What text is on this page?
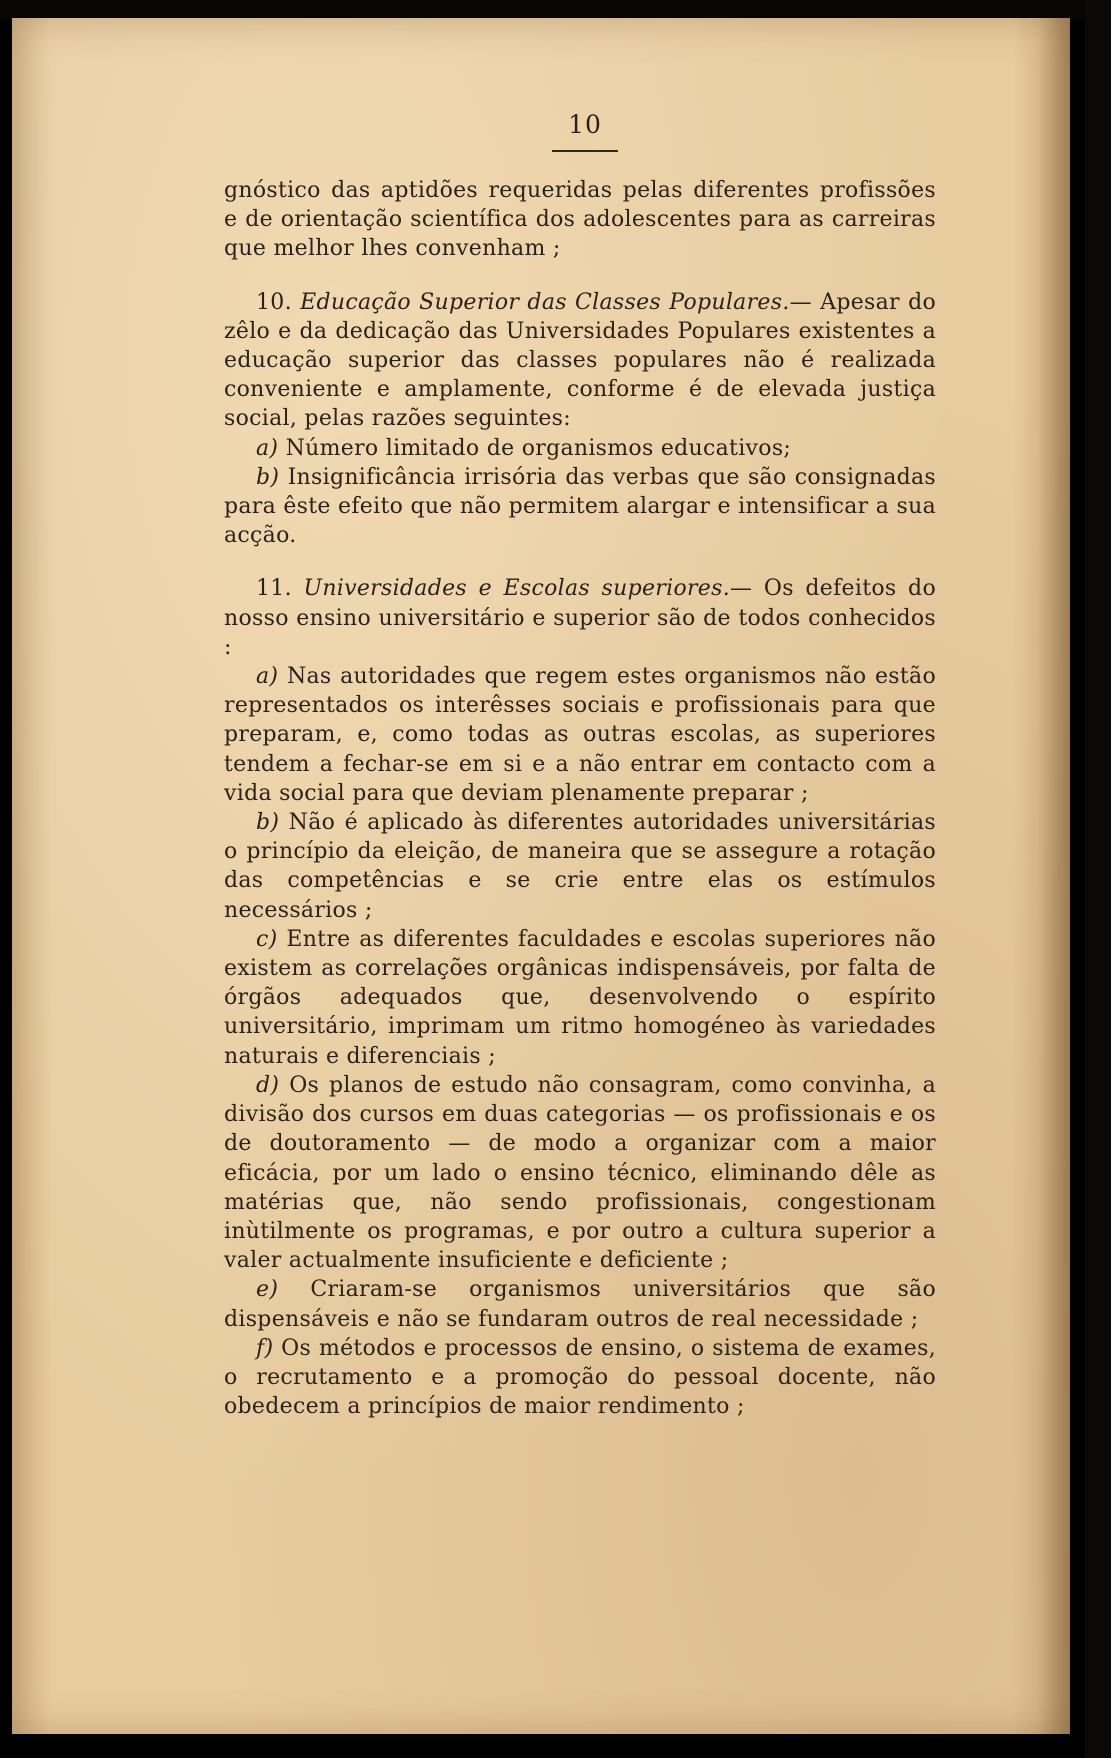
10

gnóstico das aptidões requeridas pelas diferentes profissões e de orientação scientífica dos adolescentes para as carreiras que melhor lhes convenham ;

10. Educação Superior das Classes Populares.— Apesar do zêlo e da dedicação das Universidades Populares existentes a educação superior das classes populares não é realizada conveniente e amplamente, conforme é de elevada justiça social, pelas razões seguintes:

a) Número limitado de organismos educativos;

b) Insignificância irrisória das verbas que são consignadas para êste efeito que não permitem alargar e intensificar a sua acção.

11. Universidades e Escolas superiores.— Os defeitos do nosso ensino universitário e superior são de todos conhecidos :

a) Nas autoridades que regem estes organismos não estão representados os interêsses sociais e profissionais para que preparam, e, como todas as outras escolas, as superiores tendem a fechar-se em si e a não entrar em contacto com a vida social para que deviam plenamente preparar ;

b) Não é aplicado às diferentes autoridades universitárias o princípio da eleição, de maneira que se assegure a rotação das competências e se crie entre elas os estímulos necessários ;

c) Entre as diferentes faculdades e escolas superiores não existem as correlações orgânicas indispensáveis, por falta de órgãos adequados que, desenvolvendo o espírito universitário, imprimam um ritmo homogéneo às variedades naturais e diferenciais ;

d) Os planos de estudo não consagram, como convinha, a divisão dos cursos em duas categorias — os profissionais e os de doutoramento — de modo a organizar com a maior eficácia, por um lado o ensino técnico, eliminando dêle as matérias que, não sendo profissionais, congestionam inùtilmente os programas, e por outro a cultura superior a valer actualmente insuficiente e deficiente ;

e) Criaram-se organismos universitários que são dispensáveis e não se fundaram outros de real necessidade ;

f) Os métodos e processos de ensino, o sistema de exames, o recrutamento e a promoção do pessoal docente, não obedecem a princípios de maior rendimento ;
